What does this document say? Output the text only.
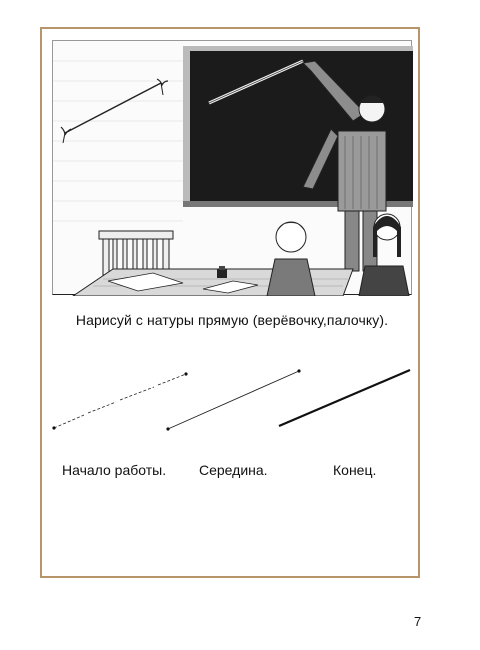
Нарисуй с натуры прямую (верёвочку,палочку).
Начало работы. Середина.	Конец.
7
